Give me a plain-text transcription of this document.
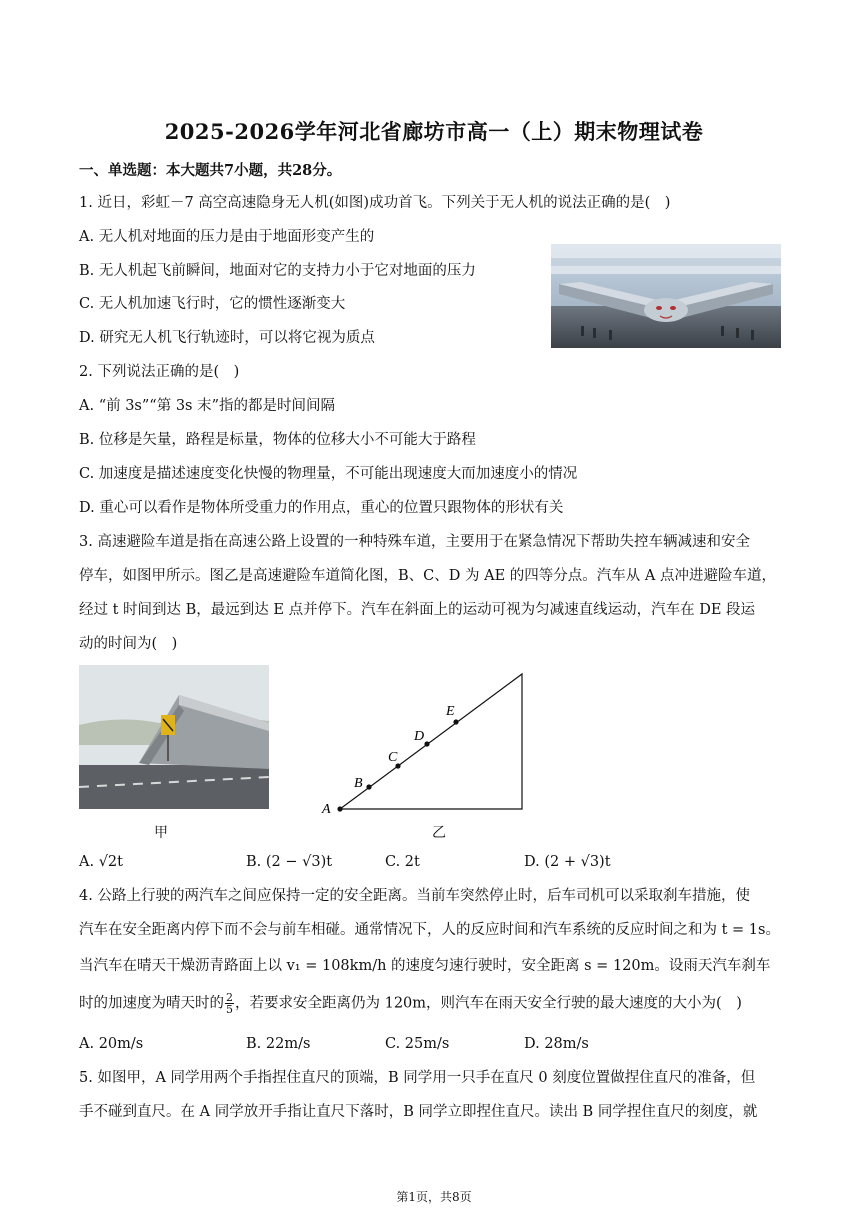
2025-2026学年河北省廊坊市高一（上）期末物理试卷
一、单选题：本大题共7小题，共28分。
1. 近日，彩虹－7 高空高速隐身无人机(如图)成功首飞。下列关于无人机的说法正确的是(　)
A. 无人机对地面的压力是由于地面形变产生的
B. 无人机起飞前瞬间，地面对它的支持力小于它对地面的压力
C. 无人机加速飞行时，它的惯性逐渐变大
D. 研究无人机飞行轨迹时，可以将它视为质点
2. 下列说法正确的是(　)
A. “前 3s”“第 3s 末”指的都是时间间隔
B. 位移是矢量，路程是标量，物体的位移大小不可能大于路程
C. 加速度是描述速度变化快慢的物理量，不可能出现速度大而加速度小的情况
D. 重心可以看作是物体所受重力的作用点，重心的位置只跟物体的形状有关
3. 高速避险车道是指在高速公路上设置的一种特殊车道，主要用于在紧急情况下帮助失控车辆减速和安全
停车，如图甲所示。图乙是高速避险车道简化图，B、C、D 为 AE 的四等分点。汽车从 A 点冲进避险车道，
经过 t 时间到达 B，最远到达 E 点并停下。汽车在斜面上的运动可视为匀减速直线运动，汽车在 DE 段运
动的时间为(　)
甲
A
B
C
D
E
乙
A. √2t	B. (2 − √3)t	C. 2t	D. (2 + √3)t
4. 公路上行驶的两汽车之间应保持一定的安全距离。当前车突然停止时，后车司机可以采取刹车措施，使
汽车在安全距离内停下而不会与前车相碰。通常情况下，人的反应时间和汽车系统的反应时间之和为 t = 1s。
当汽车在晴天干燥沥青路面上以 v₁ = 108km/h 的速度匀速行驶时，安全距离 s = 120m。设雨天汽车刹车
时的加速度为晴天时的 $\frac{2}{5}$ ，若要求安全距离仍为 120m，则汽车在雨天安全行驶的最大速度的大小为(　)
A. 20m/s	B. 22m/s	C. 25m/s	D. 28m/s
5. 如图甲，A 同学用两个手指捏住直尺的顶端，B 同学用一只手在直尺 0 刻度位置做捏住直尺的准备，但
手不碰到直尺。在 A 同学放开手指让直尺下落时，B 同学立即捏住直尺。读出 B 同学捏住直尺的刻度，就
第1页，共8页
